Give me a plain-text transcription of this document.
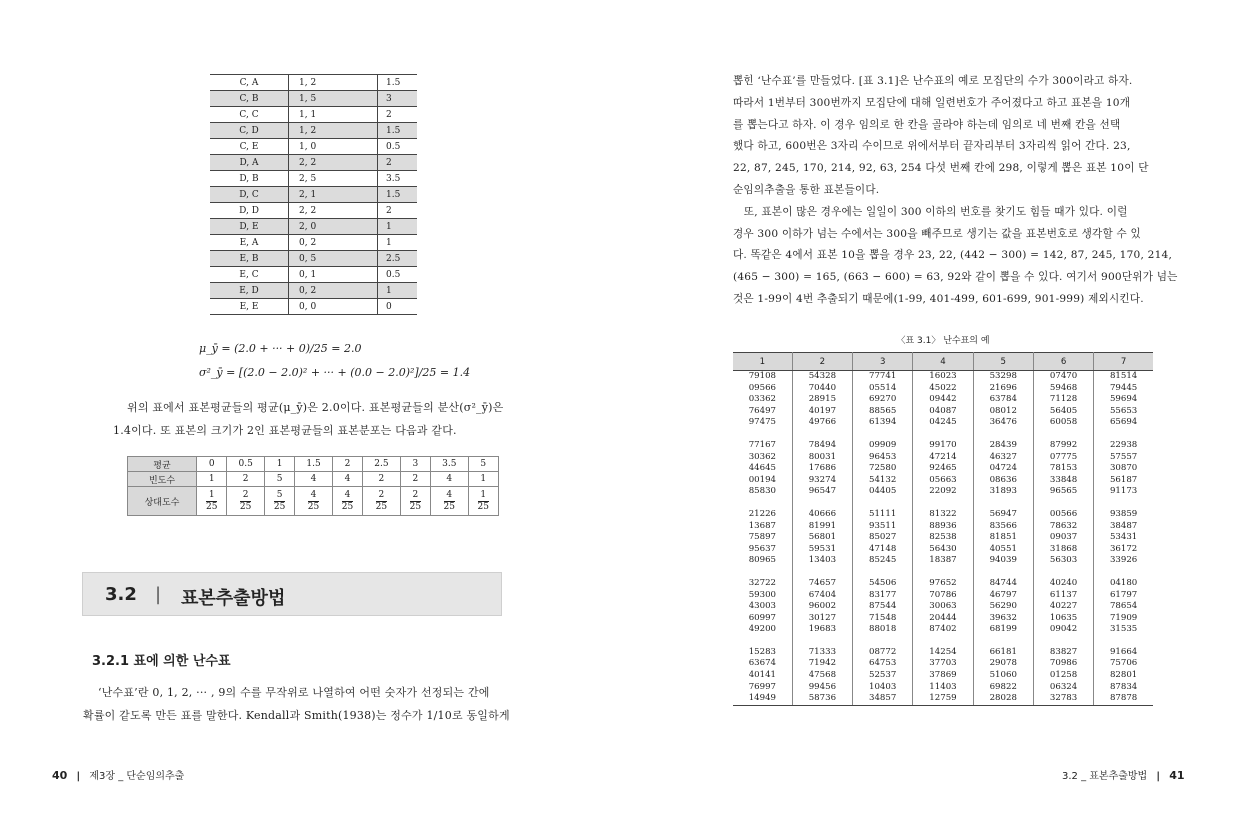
C, A	1, 2	1.5
C, B	1, 5	3
C, C	1, 1	2
C, D	1, 2	1.5
C, E	1, 0	0.5
D, A	2, 2	2
D, B	2, 5	3.5
D, C	2, 1	1.5
D, D	2, 2	2
D, E	2, 0	1
E, A	0, 2	1
E, B	0, 5	2.5
E, C	0, 1	0.5
E, D	0, 2	1
E, E	0, 0	0
μ_ȳ = (2.0 + ··· + 0)/25 = 2.0
σ²_ȳ = [(2.0 − 2.0)² + ··· + (0.0 − 2.0)²]/25 = 1.4
위의 표에서 표본평균들의 평균(μ_ȳ)은 2.0이다. 표본평균들의 분산(σ²_ȳ)은
1.4이다. 또 표본의 크기가 2인 표본평균들의 표본분포는 다음과 같다.
평균	0	0.5	1	1.5	2	2.5	3	3.5	5
빈도수	1	2	5	4	4	2	2	4	1
상대도수	$\frac{1}{25}$	$\frac{2}{25}$	$\frac{5}{25}$	$\frac{4}{25}$	$\frac{4}{25}$	$\frac{2}{25}$	$\frac{2}{25}$	$\frac{4}{25}$	$\frac{1}{25}$
3.2 | 표본추출방법
3.2.1 표에 의한 난수표
‘난수표’란 0, 1, 2, ··· , 9의 수를 무작위로 나열하여 어떤 숫자가 선정되는 간에
확률이 같도록 만든 표를 말한다. Kendall과 Smith(1938)는 정수가 1/10로 동일하게
40 | 제3장 _ 단순임의추출
뽑힌 ‘난수표’를 만들었다. [표 3.1]은 난수표의 예로 모집단의 수가 300이라고 하자.
따라서 1번부터 300번까지 모집단에 대해 일련번호가 주어졌다고 하고 표본을 10개
를 뽑는다고 하자. 이 경우 임의로 한 칸을 골라야 하는데 임의로 네 번째 칸을 선택
했다 하고, 600번은 3자리 수이므로 위에서부터 끝자리부터 3자리씩 읽어 간다. 23,
22, 87, 245, 170, 214, 92, 63, 254 다섯 번째 칸에 298, 이렇게 뽑은 표본 10이 단
순임의추출을 통한 표본들이다.
　또, 표본이 많은 경우에는 일일이 300 이하의 번호를 찾기도 힘들 때가 있다. 이럴
경우 300 이하가 넘는 수에서는 300을 빼주므로 생기는 값을 표본번호로 생각할 수 있
다. 똑같은 4에서 표본 10을 뽑을 경우 23, 22, (442 − 300) = 142, 87, 245, 170, 214,
(465 − 300) = 165, (663 − 600) = 63, 92와 같이 뽑을 수 있다. 여기서 900단위가 넘는
것은 1-99이 4번 추출되기 때문에(1-99, 401-499, 601-699, 901-999) 제외시킨다.
〈표 3.1〉 난수표의 예
1	2	3	4	5	6	7
79108	54328	77741	16023	53298	07470	81514
09566	70440	05514	45022	21696	59468	79445
03362	28915	69270	09442	63784	71128	59694
76497	40197	88565	04087	08012	56405	55653
97475	49766	61394	04245	36476	60058	65694

77167	78494	09909	99170	28439	87992	22938
30362	80031	96453	47214	46327	07775	57557
44645	17686	72580	92465	04724	78153	30870
00194	93274	54132	05663	08636	33848	56187
85830	96547	04405	22092	31893	96565	91173

21226	40666	51111	81322	56947	00566	93859
13687	81991	93511	88936	83566	78632	38487
75897	56801	85027	82538	81851	09037	53431
95637	59531	47148	56430	40551	31868	36172
80965	13403	85245	18387	94039	56303	33926

32722	74657	54506	97652	84744	40240	04180
59300	67404	83177	70786	46797	61137	61797
43003	96002	87544	30063	56290	40227	78654
60997	30127	71548	20444	39632	10635	71909
49200	19683	88018	87402	68199	09042	31535

15283	71333	08772	14254	66181	83827	91664
63674	71942	64753	37703	29078	70986	75706
40141	47568	52537	37869	51060	01258	82801
76997	99456	10403	11403	69822	06324	87834
14949	58736	34857	12759	28028	32783	87878
3.2 _ 표본추출방법 | 41
